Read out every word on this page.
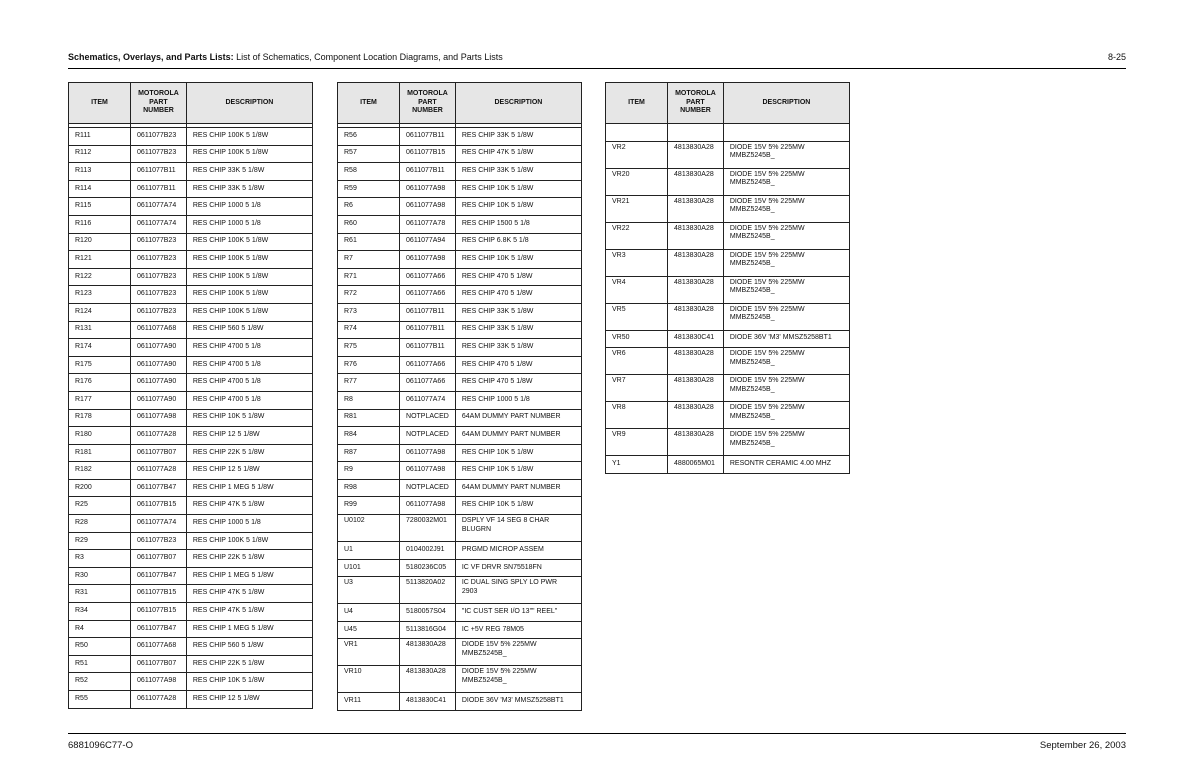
Schematics, Overlays, and Parts Lists: List of Schematics, Component Location Diagrams, and Parts Lists	8-25
ITEM	MOTOROLA
PART
NUMBER	DESCRIPTION

R111	0611077B23	RES CHIP 100K 5 1/8W

R112	0611077B23	RES CHIP 100K 5 1/8W

R113	0611077B11	RES CHIP 33K 5 1/8W

R114	0611077B11	RES CHIP 33K 5 1/8W

R115	0611077A74	RES CHIP 1000 5 1/8

R116	0611077A74	RES CHIP 1000 5 1/8

R120	0611077B23	RES CHIP 100K 5 1/8W

R121	0611077B23	RES CHIP 100K 5 1/8W

R122	0611077B23	RES CHIP 100K 5 1/8W

R123	0611077B23	RES CHIP 100K 5 1/8W

R124	0611077B23	RES CHIP 100K 5 1/8W

R131	0611077A68	RES CHIP 560 5 1/8W

R174	0611077A90	RES CHIP 4700 5 1/8

R175	0611077A90	RES CHIP 4700 5 1/8

R176	0611077A90	RES CHIP 4700 5 1/8

R177	0611077A90	RES CHIP 4700 5 1/8

R178	0611077A98	RES CHIP 10K 5 1/8W

R180	0611077A28	RES CHIP 12 5 1/8W

R181	0611077B07	RES CHIP 22K 5 1/8W

R182	0611077A28	RES CHIP 12 5 1/8W

R200	0611077B47	RES CHIP 1 MEG 5 1/8W

R25	0611077B15	RES CHIP 47K 5 1/8W

R28	0611077A74	RES CHIP 1000 5 1/8

R29	0611077B23	RES CHIP 100K 5 1/8W

R3	0611077B07	RES CHIP 22K 5 1/8W

R30	0611077B47	RES CHIP 1 MEG 5 1/8W

R31	0611077B15	RES CHIP 47K 5 1/8W

R34	0611077B15	RES CHIP 47K 5 1/8W

R4	0611077B47	RES CHIP 1 MEG 5 1/8W

R50	0611077A68	RES CHIP 560 5 1/8W

R51	0611077B07	RES CHIP 22K 5 1/8W

R52	0611077A98	RES CHIP 10K 5 1/8W

R55	0611077A28	RES CHIP 12 5 1/8W
ITEM	MOTOROLA
PART
NUMBER	DESCRIPTION

R56	0611077B11	RES CHIP 33K 5 1/8W

R57	0611077B15	RES CHIP 47K 5 1/8W

R58	0611077B11	RES CHIP 33K 5 1/8W

R59	0611077A98	RES CHIP 10K 5 1/8W

R6	0611077A98	RES CHIP 10K 5 1/8W

R60	0611077A78	RES CHIP 1500 5 1/8

R61	0611077A94	RES CHIP 6.8K 5 1/8

R7	0611077A98	RES CHIP 10K 5 1/8W

R71	0611077A66	RES CHIP 470 5 1/8W

R72	0611077A66	RES CHIP 470 5 1/8W

R73	0611077B11	RES CHIP 33K 5 1/8W

R74	0611077B11	RES CHIP 33K 5 1/8W

R75	0611077B11	RES CHIP 33K 5 1/8W

R76	0611077A66	RES CHIP 470 5 1/8W

R77	0611077A66	RES CHIP 470 5 1/8W

R8	0611077A74	RES CHIP 1000 5 1/8

R81	NOTPLACED	64AM DUMMY PART NUMBER

R84	NOTPLACED	64AM DUMMY PART NUMBER

R87	0611077A98	RES CHIP 10K 5 1/8W

R9	0611077A98	RES CHIP 10K 5 1/8W

R98	NOTPLACED	64AM DUMMY PART NUMBER

R99	0611077A98	RES CHIP 10K 5 1/8W

U0102	7280032M01	DSPLY VF 14 SEG 8 CHAR
BLUGRN

U1	0104002J91	PRGMD MICROP ASSEM

U101	5180236C05	IC VF DRVR SN75518FN

U3	5113820A02	IC DUAL SING SPLY LO PWR
2903

U4	5180057S04	"IC CUST SER I/O 13"" REEL"

U45	5113816G04	IC +5V REG 78M05

VR1	4813830A28	DIODE 15V 5% 225MW
MMBZ5245B_

VR10	4813830A28	DIODE 15V 5% 225MW
MMBZ5245B_

VR11	4813830C41	DIODE 36V 'M3' MMSZ5258BT1
ITEM	MOTOROLA
PART
NUMBER	DESCRIPTION

VR2	4813830A28	DIODE 15V 5% 225MW
MMBZ5245B_

VR20	4813830A28	DIODE 15V 5% 225MW
MMBZ5245B_

VR21	4813830A28	DIODE 15V 5% 225MW
MMBZ5245B_

VR22	4813830A28	DIODE 15V 5% 225MW
MMBZ5245B_

VR3	4813830A28	DIODE 15V 5% 225MW
MMBZ5245B_

VR4	4813830A28	DIODE 15V 5% 225MW
MMBZ5245B_

VR5	4813830A28	DIODE 15V 5% 225MW
MMBZ5245B_

VR50	4813830C41	DIODE 36V 'M3' MMSZ5258BT1

VR6	4813830A28	DIODE 15V 5% 225MW
MMBZ5245B_

VR7	4813830A28	DIODE 15V 5% 225MW
MMBZ5245B_

VR8	4813830A28	DIODE 15V 5% 225MW
MMBZ5245B_

VR9	4813830A28	DIODE 15V 5% 225MW
MMBZ5245B_

Y1	4880065M01	RESONTR CERAMIC 4.00 MHZ
6881096C77-O	September 26, 2003
